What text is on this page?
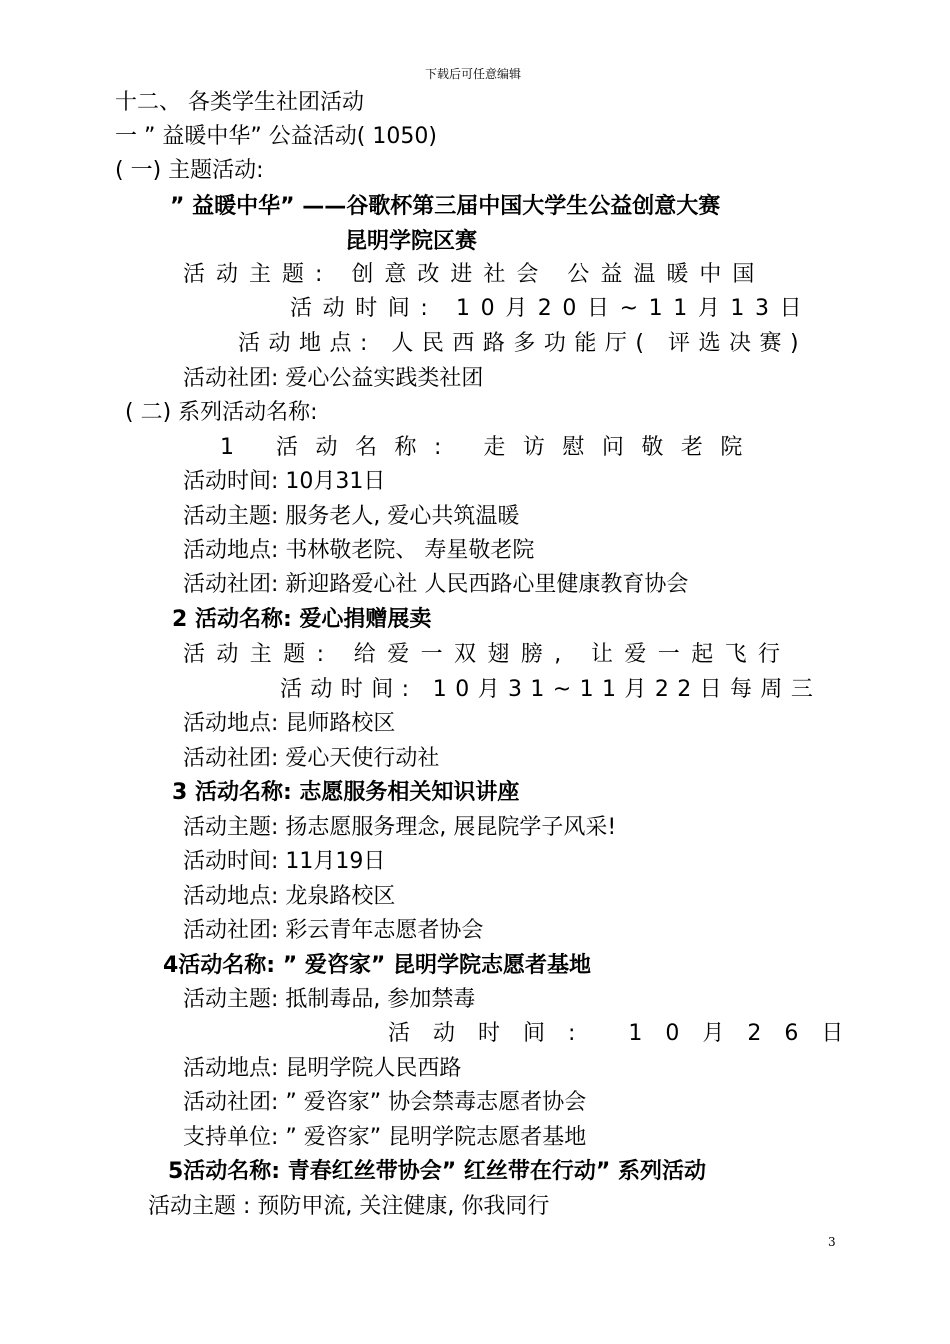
下载后可任意编辑
十二、 各类学生社团活动
一 ” 益暖中华” 公益活动( 1050)
( 一) 主题活动:
” 益暖中华” ——谷歌杯第三届中国大学生公益创意大赛
昆明学院区赛
活动主题: 创意改进社会 公益温暖中国
活动时间: 10月20日~11月13日
活动地点: 人民西路多功能厅( 评选决赛)
活动社团: 爱心公益实践类社团
( 二) 系列活动名称:
1 活动名称: 走访慰问敬老院
活动时间: 10月31日
活动主题: 服务老人, 爱心共筑温暖
活动地点: 书林敬老院、 寿星敬老院
活动社团: 新迎路爱心社 人民西路心里健康教育协会
2 活动名称: 爱心捐赠展卖
活动主题: 给爱一双翅膀, 让爱一起飞行
活动时间: 10月31~11月22日每周三
活动地点: 昆师路校区
活动社团: 爱心天使行动社
3 活动名称: 志愿服务相关知识讲座
活动主题: 扬志愿服务理念, 展昆院学子风采!
活动时间: 11月19日
活动地点: 龙泉路校区
活动社团: 彩云青年志愿者协会
4活动名称: ” 爱咨家” 昆明学院志愿者基地
活动主题: 抵制毒品, 参加禁毒
活动时间: 10月26日
活动地点: 昆明学院人民西路
活动社团: ” 爱咨家” 协会禁毒志愿者协会
支持单位: ” 爱咨家” 昆明学院志愿者基地
5活动名称: 青春红丝带协会” 红丝带在行动” 系列活动
活动主题 : 预防甲流, 关注健康, 你我同行
3
